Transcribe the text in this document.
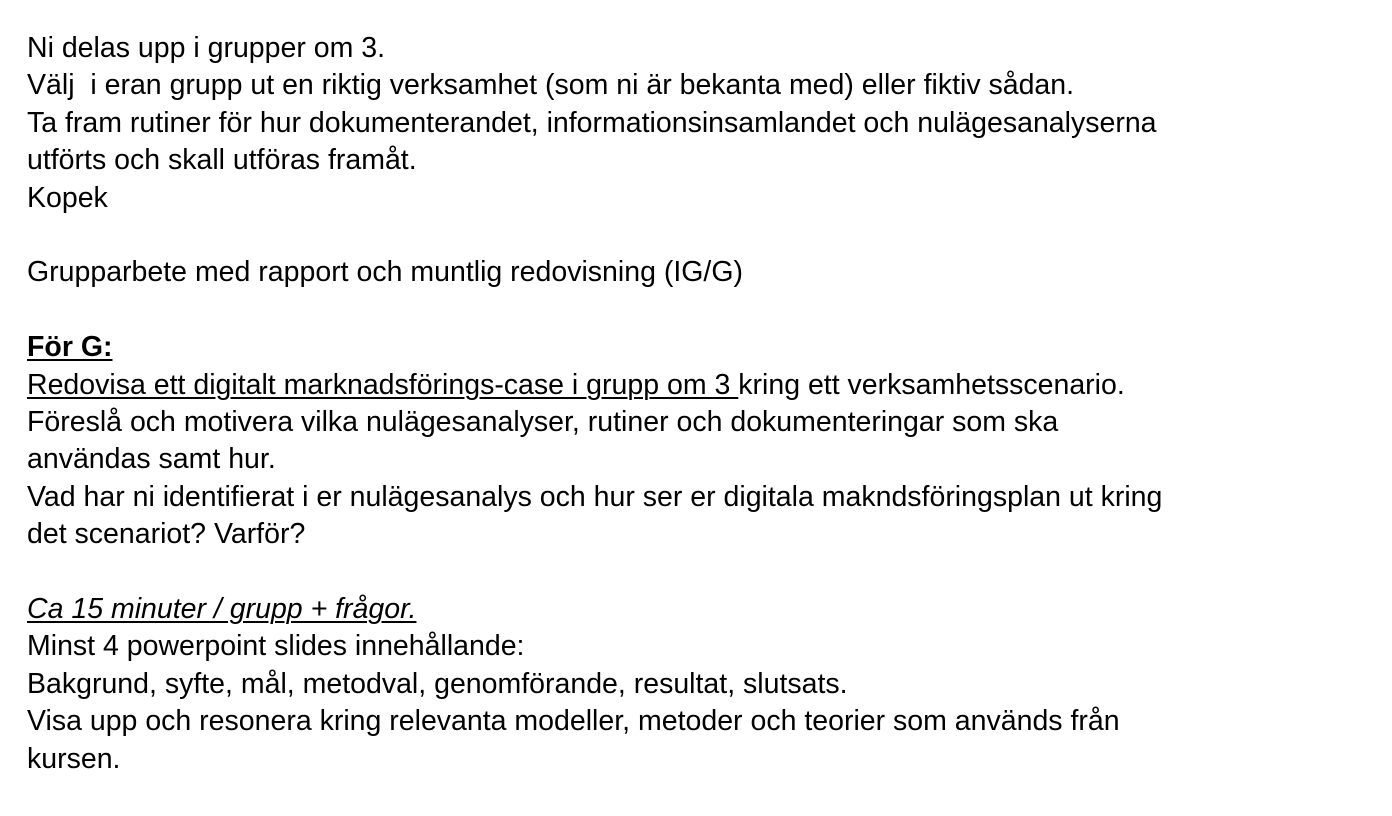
Ni delas upp i grupper om 3.
Välj  i eran grupp ut en riktig verksamhet (som ni är bekanta med) eller fiktiv sådan.
Ta fram rutiner för hur dokumenterandet, informationsinsamlandet och nulägesanalyserna
utförts och skall utföras framåt.
Kopek
Grupparbete med rapport och muntlig redovisning (IG/G)
För G:
Redovisa ett digitalt marknadsförings-case i grupp om 3 kring ett verksamhetsscenario.
Föreslå och motivera vilka nulägesanalyser, rutiner och dokumenteringar som ska
användas samt hur.
Vad har ni identifierat i er nulägesanalys och hur ser er digitala makndsföringsplan ut kring
det scenariot? Varför?
Ca 15 minuter / grupp + frågor.
Minst 4 powerpoint slides innehållande:
Bakgrund, syfte, mål, metodval, genomförande, resultat, slutsats.
Visa upp och resonera kring relevanta modeller, metoder och teorier som används från
kursen.
